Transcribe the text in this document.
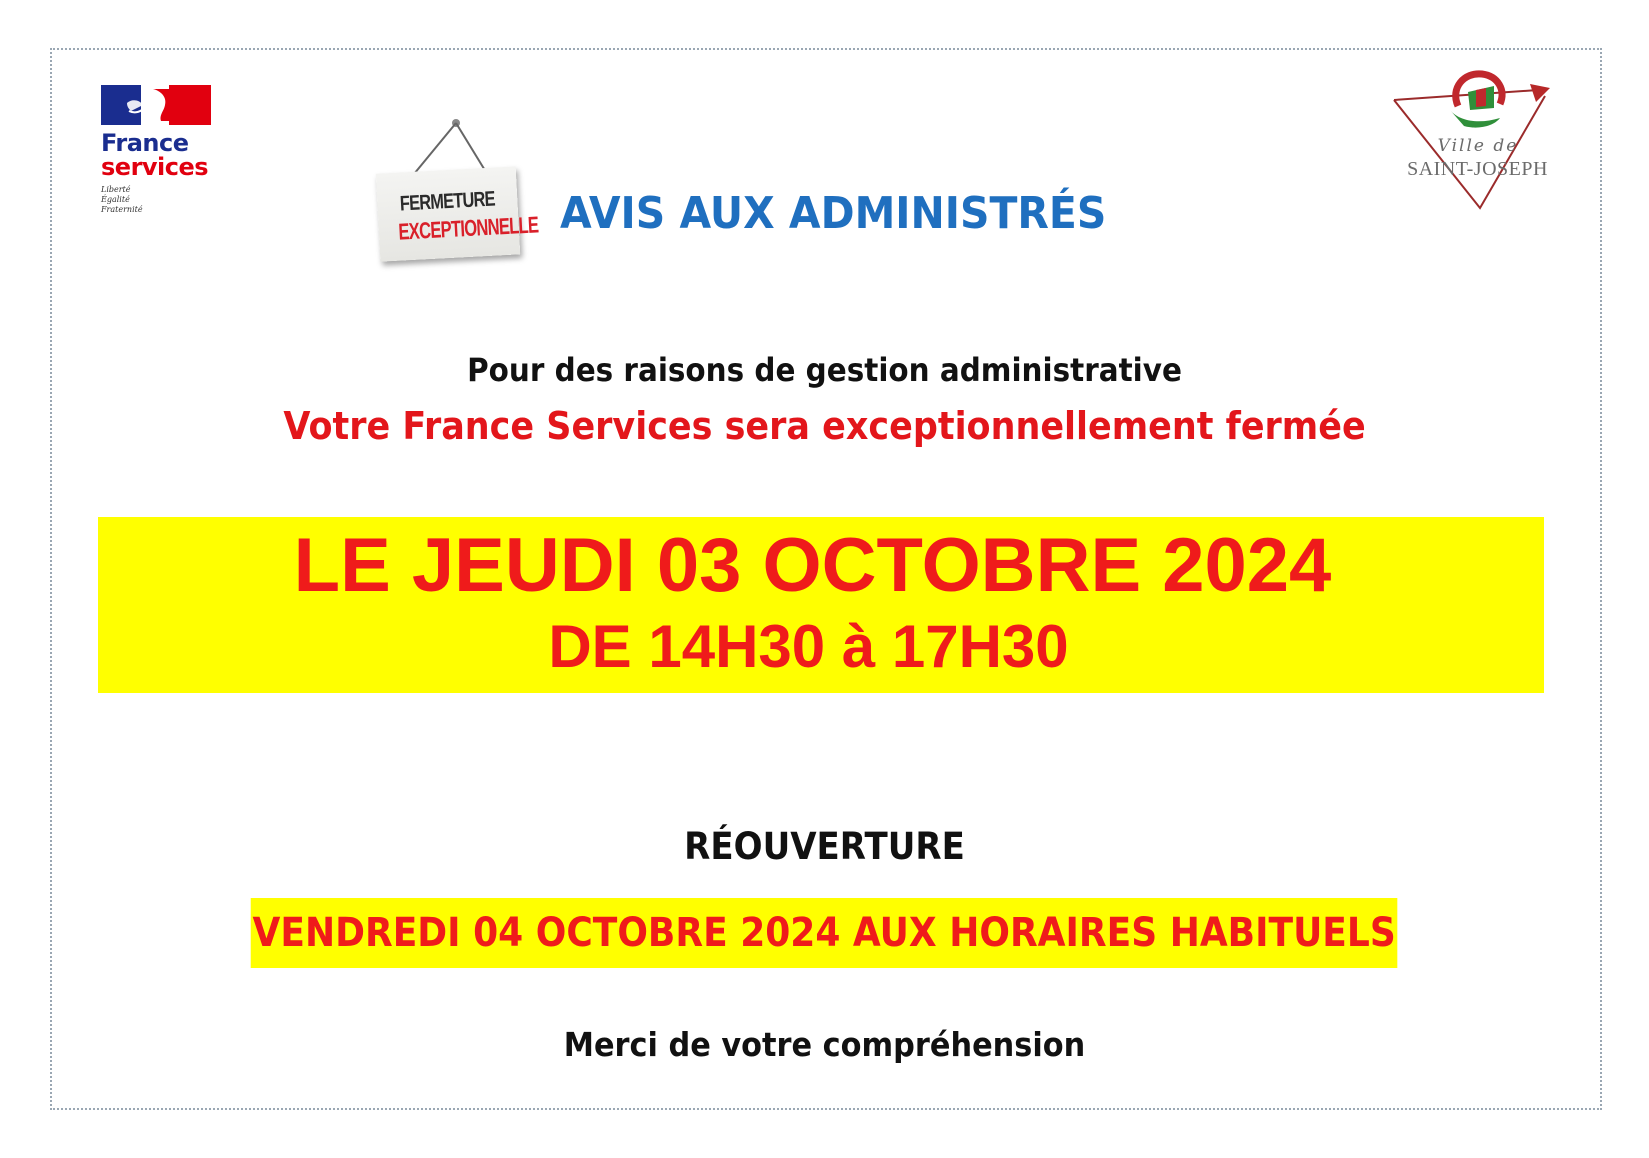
France
services
Liberté
Égalité
Fraternité	FERMETURE
EXCEPTIONNELLE AVIS AUX ADMINISTRÉS
Ville de
SAINT-JOSEPH
Pour des raisons de gestion administrative
Votre France Services sera exceptionnellement fermée
LE JEUDI 03 OCTOBRE 2024
DE 14H30 à 17H30
RÉOUVERTURE
VENDREDI 04 OCTOBRE 2024 AUX HORAIRES HABITUELS
Merci de votre compréhension
